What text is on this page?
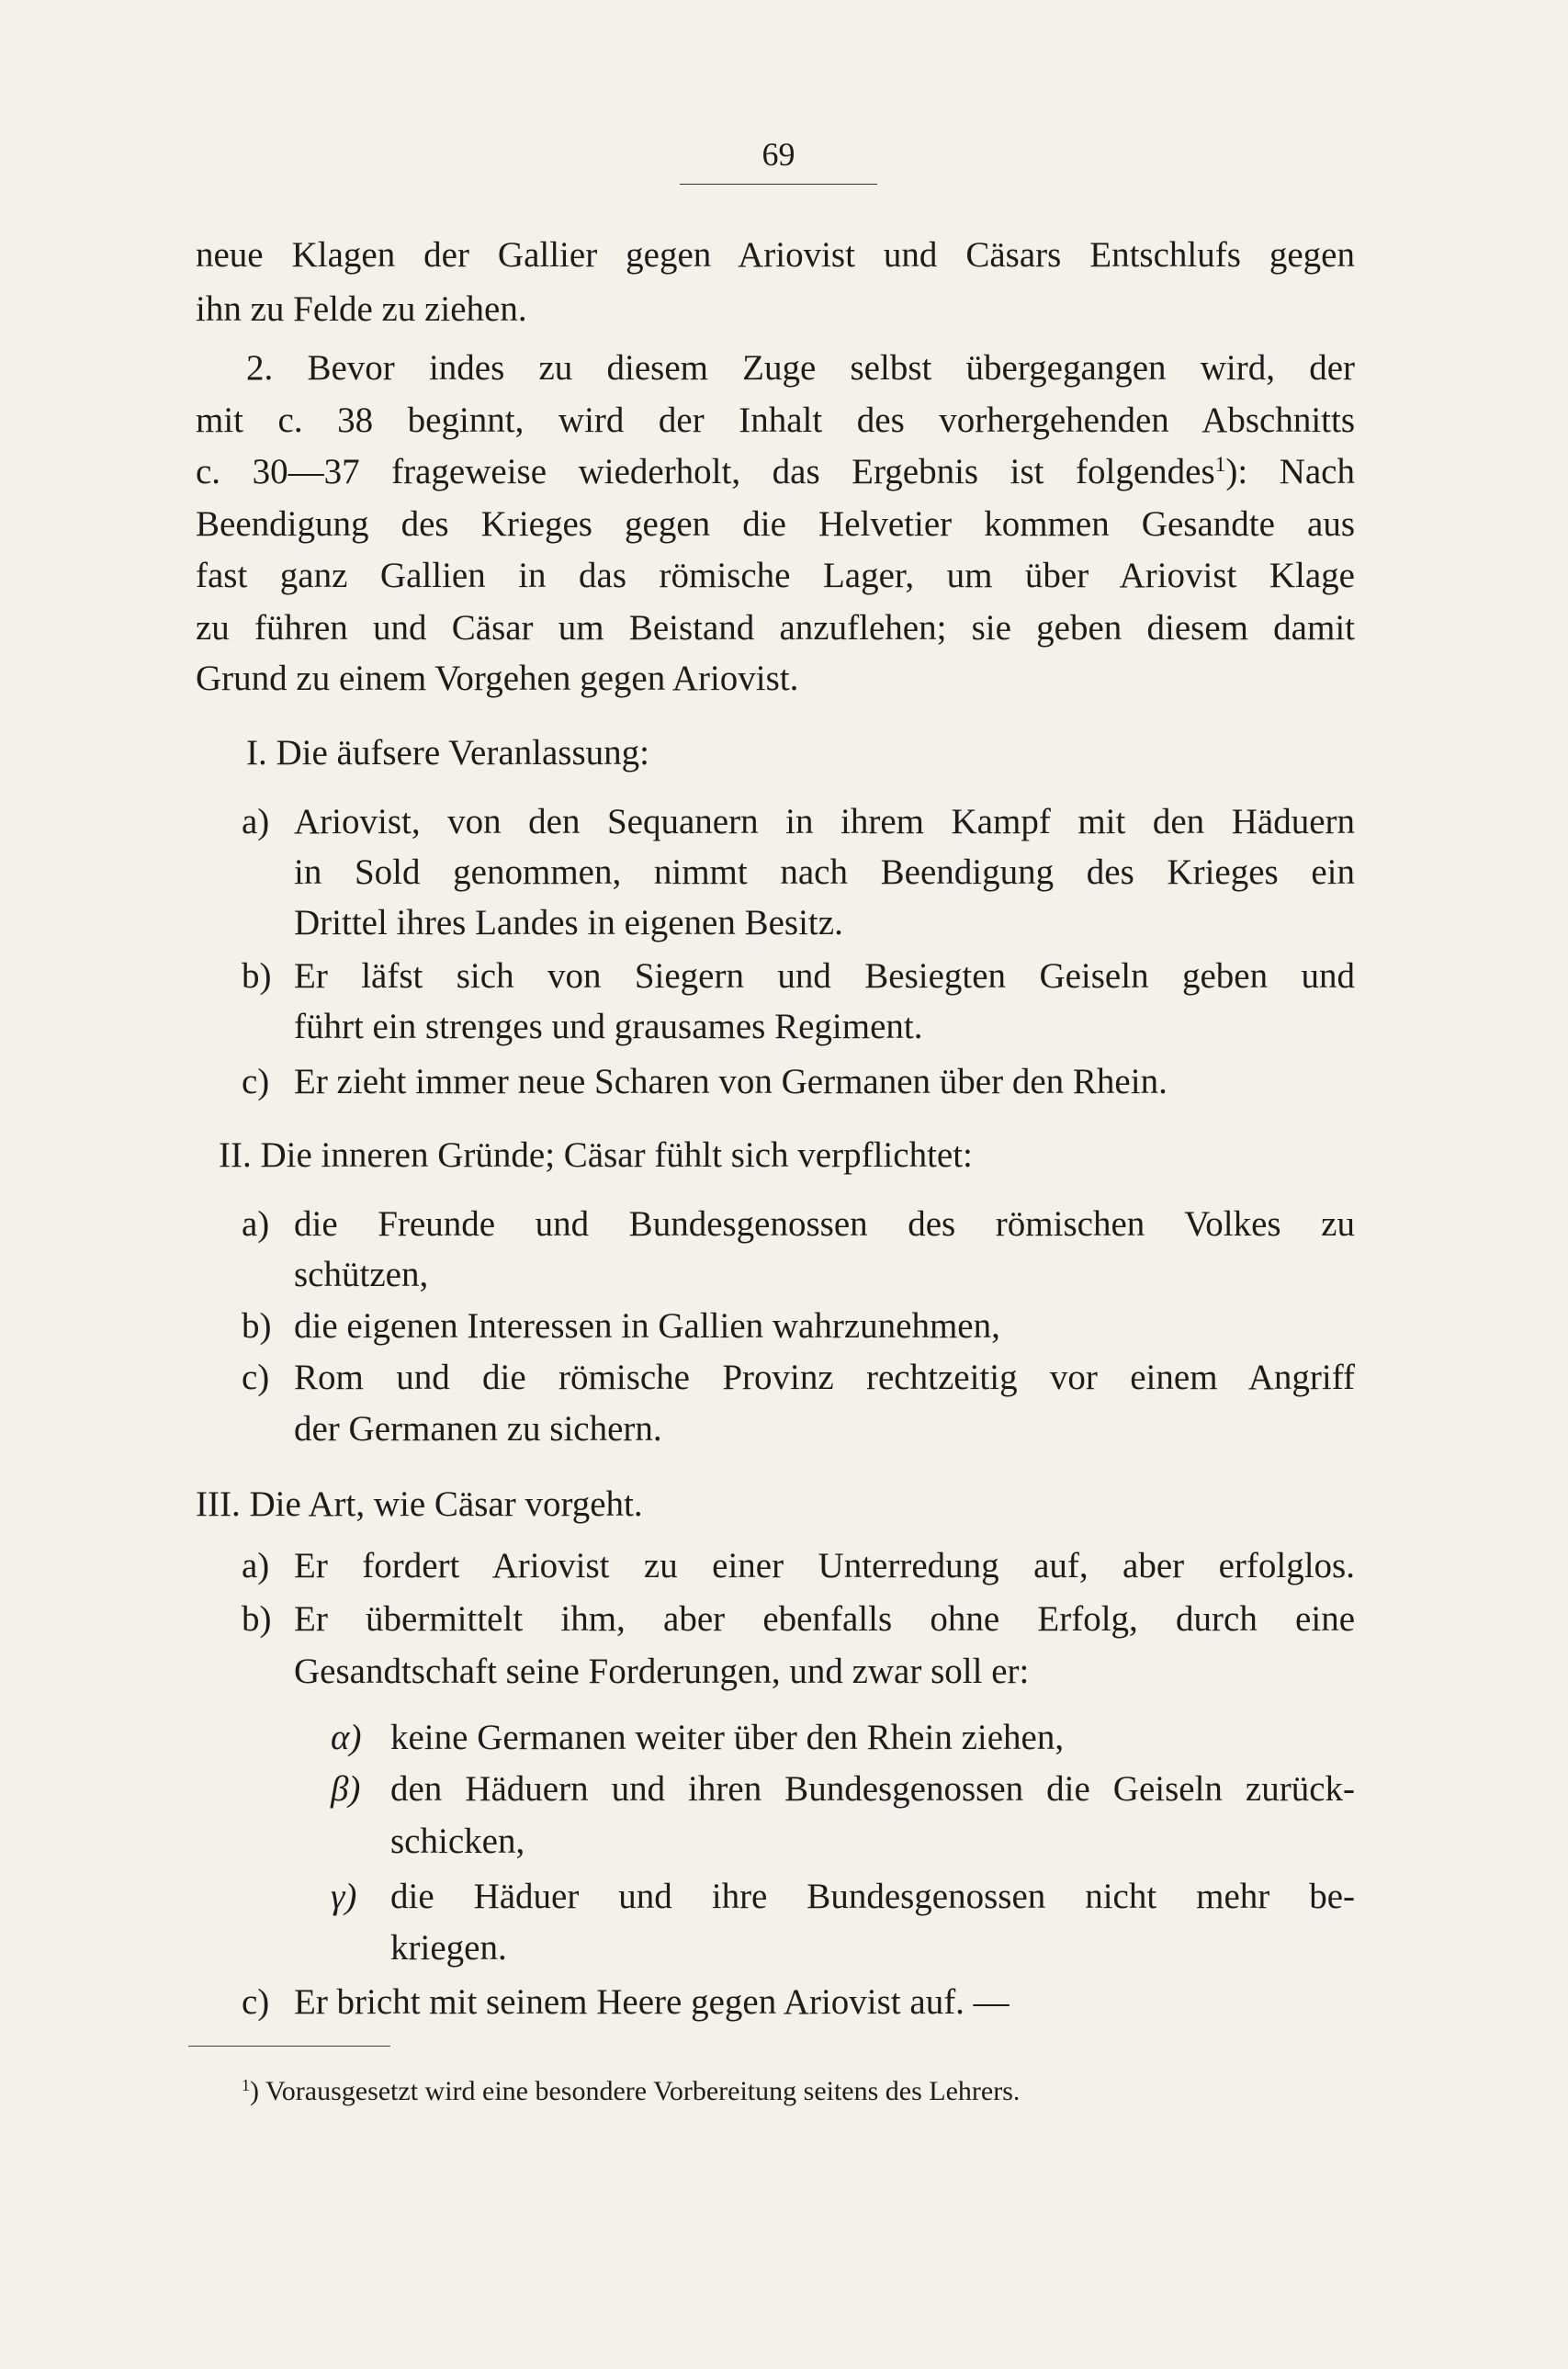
69
neue Klagen der Gallier gegen Ariovist und Cäsars Entschlufs gegen
ihn zu Felde zu ziehen.
2. Bevor indes zu diesem Zuge selbst übergegangen wird, der
mit c. 38 beginnt, wird der Inhalt des vorhergehenden Abschnitts
c. 30—37 frageweise wiederholt, das Ergebnis ist folgendes$^1$): Nach
Beendigung des Krieges gegen die Helvetier kommen Gesandte aus
fast ganz Gallien in das römische Lager, um über Ariovist Klage
zu führen und Cäsar um Beistand anzuflehen; sie geben diesem damit
Grund zu einem Vorgehen gegen Ariovist.
I. Die äufsere Veranlassung:
a) Ariovist, von den Sequanern in ihrem Kampf mit den Häduern
in Sold genommen, nimmt nach Beendigung des Krieges ein
Drittel ihres Landes in eigenen Besitz.
b) Er läfst sich von Siegern und Besiegten Geiseln geben und
führt ein strenges und grausames Regiment.
c) Er zieht immer neue Scharen von Germanen über den Rhein.
II. Die inneren Gründe; Cäsar fühlt sich verpflichtet:
a) die Freunde und Bundesgenossen des römischen Volkes zu
schützen,
b) die eigenen Interessen in Gallien wahrzunehmen,
c) Rom und die römische Provinz rechtzeitig vor einem Angriff
der Germanen zu sichern.
III. Die Art, wie Cäsar vorgeht.
a) Er fordert Ariovist zu einer Unterredung auf, aber erfolglos.
b) Er übermittelt ihm, aber ebenfalls ohne Erfolg, durch eine
Gesandtschaft seine Forderungen, und zwar soll er:
α) keine Germanen weiter über den Rhein ziehen,
β) den Häduern und ihren Bundesgenossen die Geiseln zurück-
schicken,
γ) die Häduer und ihre Bundesgenossen nicht mehr be-
kriegen.
c) Er bricht mit seinem Heere gegen Ariovist auf. —
$^1$) Vorausgesetzt wird eine besondere Vorbereitung seitens des Lehrers.
